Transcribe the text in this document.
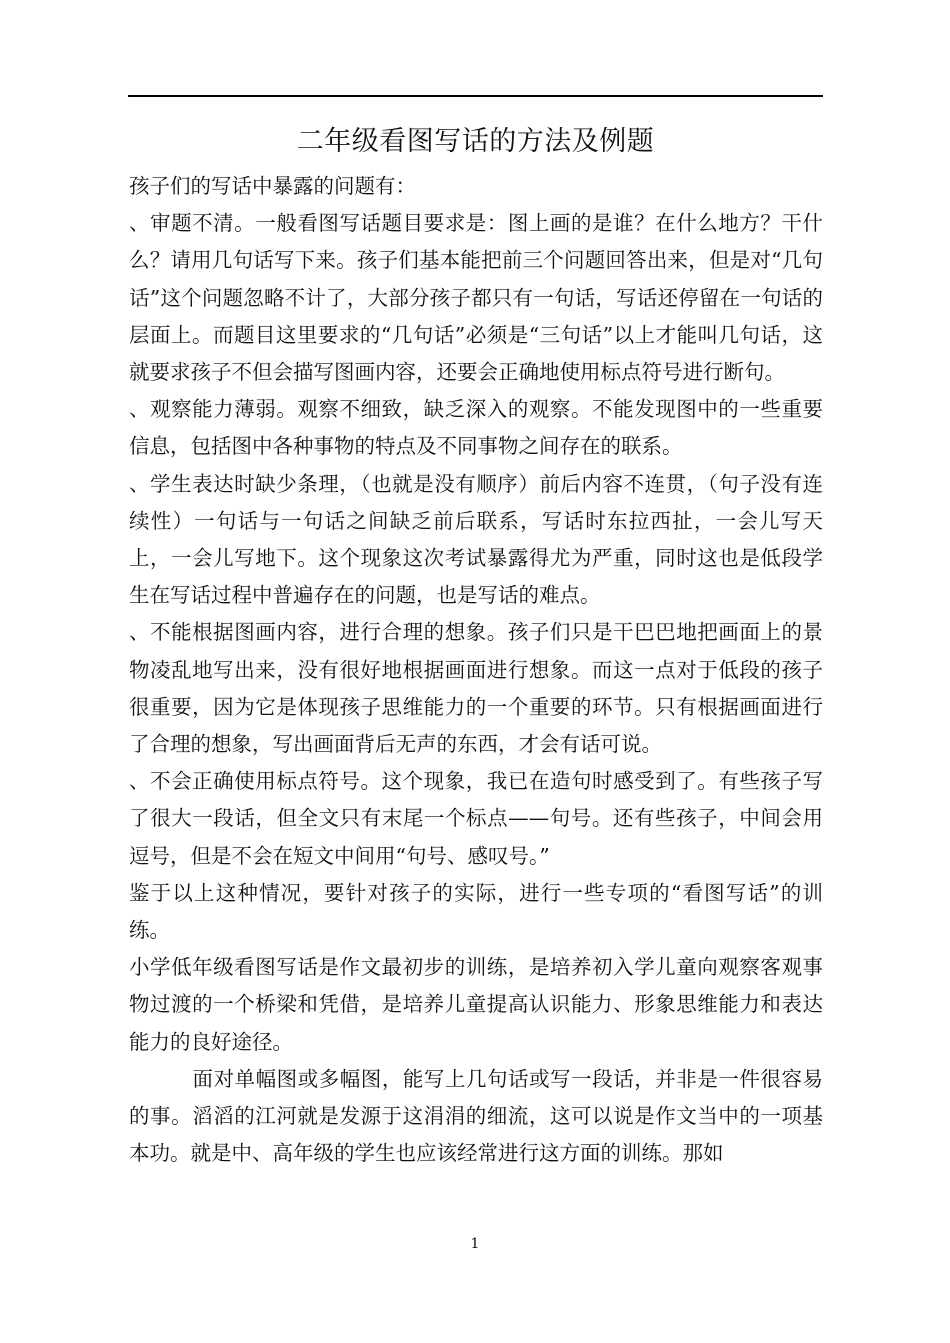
二年级看图写话的方法及例题

孩子们的写话中暴露的问题有：

、审题不清。一般看图写话题目要求是：图上画的是谁？在什么地方？干什么？请用几句话写下来。孩子们基本能把前三个问题回答出来，但是对“几句话”这个问题忽略不计了，大部分孩子都只有一句话，写话还停留在一句话的层面上。而题目这里要求的“几句话”必须是“三句话”以上才能叫几句话，这就要求孩子不但会描写图画内容，还要会正确地使用标点符号进行断句。

、观察能力薄弱。观察不细致，缺乏深入的观察。不能发现图中的一些重要信息，包括图中各种事物的特点及不同事物之间存在的联系。

、学生表达时缺少条理，（也就是没有顺序）前后内容不连贯，（句子没有连续性）一句话与一句话之间缺乏前后联系，写话时东拉西扯，一会儿写天上，一会儿写地下。这个现象这次考试暴露得尤为严重，同时这也是低段学生在写话过程中普遍存在的问题，也是写话的难点。

、不能根据图画内容，进行合理的想象。孩子们只是干巴巴地把画面上的景物凌乱地写出来，没有很好地根据画面进行想象。而这一点对于低段的孩子很重要，因为它是体现孩子思维能力的一个重要的环节。只有根据画面进行了合理的想象，写出画面背后无声的东西，才会有话可说。

、不会正确使用标点符号。这个现象，我已在造句时感受到了。有些孩子写了很大一段话，但全文只有末尾一个标点——句号。还有些孩子，中间会用逗号，但是不会在短文中间用“句号、感叹号。”

鉴于以上这种情况，要针对孩子的实际，进行一些专项的“看图写话”的训练。

小学低年级看图写话是作文最初步的训练，是培养初入学儿童向观察客观事物过渡的一个桥梁和凭借，是培养儿童提高认识能力、形象思维能力和表达能力的良好途径。

面对单幅图或多幅图，能写上几句话或写一段话，并非是一件很容易的事。滔滔的江河就是发源于这涓涓的细流，这可以说是作文当中的一项基本功。就是中、高年级的学生也应该经常进行这方面的训练。那如

1
